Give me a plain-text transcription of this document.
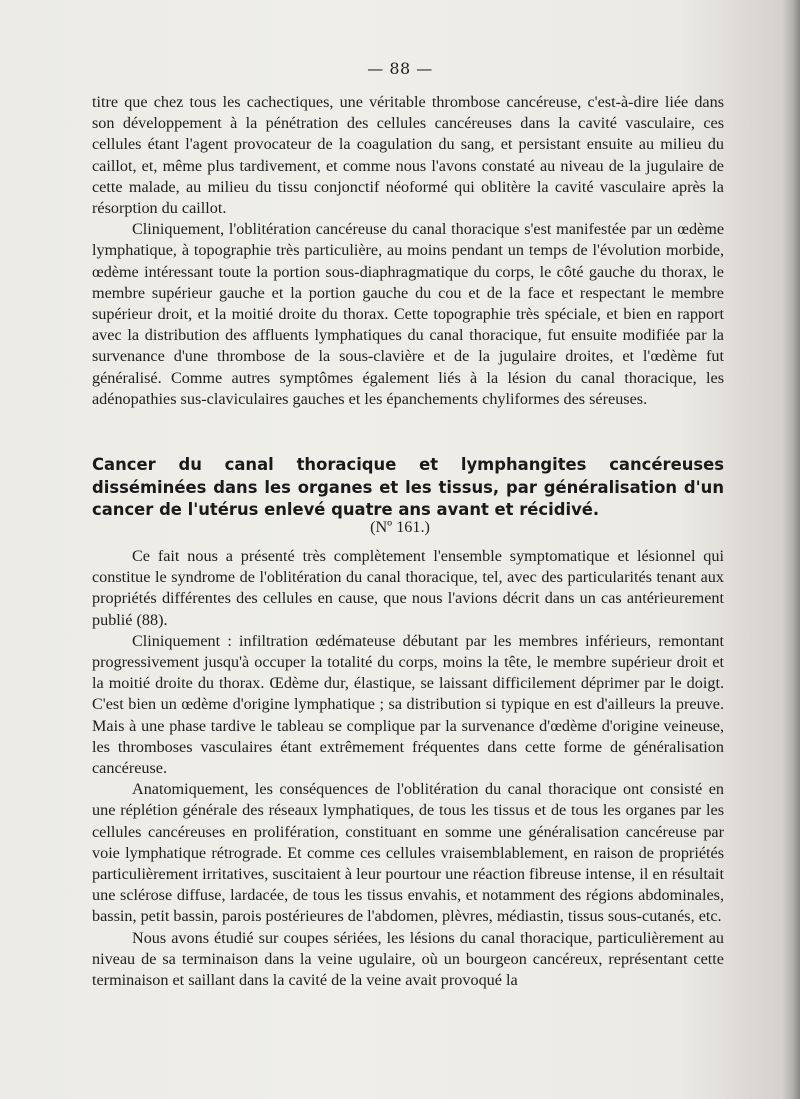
— 88 —

titre que chez tous les cachectiques, une véritable thrombose cancéreuse, c'est-à-dire liée dans son développement à la pénétration des cellules cancéreuses dans la cavité vasculaire, ces cellules étant l'agent provocateur de la coagulation du sang, et persistant ensuite au milieu du caillot, et, même plus tardivement, et comme nous l'avons constaté au niveau de la jugulaire de cette malade, au milieu du tissu conjonctif néoformé qui oblitère la cavité vasculaire après la résorption du caillot.

Cliniquement, l'oblitération cancéreuse du canal thoracique s'est manifestée par un œdème lymphatique, à topographie très particulière, au moins pendant un temps de l'évolution morbide, œdème intéressant toute la portion sous-diaphragmatique du corps, le côté gauche du thorax, le membre supérieur gauche et la portion gauche du cou et de la face et respectant le membre supérieur droit, et la moitié droite du thorax. Cette topographie très spéciale, et bien en rapport avec la distribution des affluents lymphatiques du canal thoracique, fut ensuite modifiée par la survenance d'une thrombose de la sous-clavière et de la jugulaire droites, et l'œdème fut généralisé. Comme autres symptômes également liés à la lésion du canal thoracique, les adénopathies sus-claviculaires gauches et les épanchements chyliformes des séreuses.

Cancer du canal thoracique et lymphangites cancéreuses disséminées dans les organes et les tissus, par généralisation d'un cancer de l'utérus enlevé quatre ans avant et récidivé.
(Nº 161.)

Ce fait nous a présenté très complètement l'ensemble symptomatique et lésionnel qui constitue le syndrome de l'oblitération du canal thoracique, tel, avec des particularités tenant aux propriétés différentes des cellules en cause, que nous l'avions décrit dans un cas antérieurement publié (88).

Cliniquement : infiltration œdémateuse débutant par les membres inférieurs, remontant progressivement jusqu'à occuper la totalité du corps, moins la tête, le membre supérieur droit et la moitié droite du thorax. Œdème dur, élastique, se laissant difficilement déprimer par le doigt. C'est bien un œdème d'origine lymphatique ; sa distribution si typique en est d'ailleurs la preuve. Mais à une phase tardive le tableau se complique par la survenance d'œdème d'origine veineuse, les thromboses vasculaires étant extrêmement fréquentes dans cette forme de généralisation cancéreuse.

Anatomiquement, les conséquences de l'oblitération du canal thoracique ont consisté en une réplétion générale des réseaux lymphatiques, de tous les tissus et de tous les organes par les cellules cancéreuses en prolifération, constituant en somme une généralisation cancéreuse par voie lymphatique rétrograde. Et comme ces cellules vraisemblablement, en raison de propriétés particulièrement irritatives, suscitaient à leur pourtour une réaction fibreuse intense, il en résultait une sclérose diffuse, lardacée, de tous les tissus envahis, et notamment des régions abdominales, bassin, petit bassin, parois postérieures de l'abdomen, plèvres, médiastin, tissus sous-cutanés, etc.

Nous avons étudié sur coupes sériées, les lésions du canal thoracique, particulièrement au niveau de sa terminaison dans la veine ugulaire, où un bourgeon cancéreux, représentant cette terminaison et saillant dans la cavité de la veine avait provoqué la
